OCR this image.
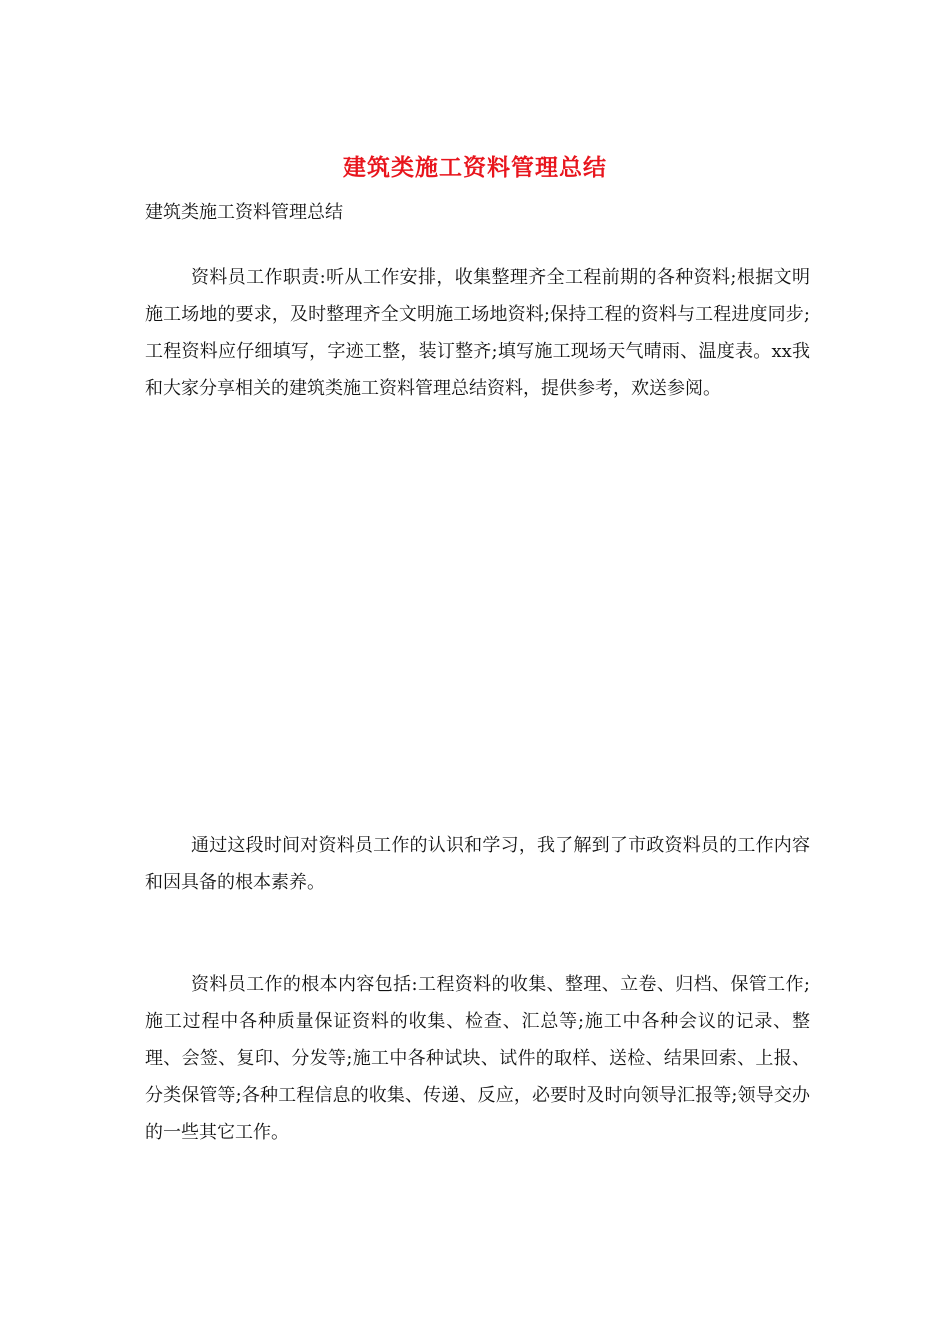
建筑类施工资料管理总结
建筑类施工资料管理总结

资料员工作职责:听从工作安排，收集整理齐全工程前期的各种资料;根据文明施工场地的要求，及时整理齐全文明施工场地资料;保持工程的资料与工程进度同步;工程资料应仔细填写，字迹工整，装订整齐;填写施工现场天气晴雨、温度表。xx我和大家分享相关的建筑类施工资料管理总结资料，提供参考，欢送参阅。

通过这段时间对资料员工作的认识和学习，我了解到了市政资料员的工作内容和因具备的根本素养。

资料员工作的根本内容包括:工程资料的收集、整理、立卷、归档、保管工作;施工过程中各种质量保证资料的收集、检查、汇总等;施工中各种会议的记录、整理、会签、复印、分发等;施工中各种试块、试件的取样、送检、结果回索、上报、分类保管等;各种工程信息的收集、传递、反应，必要时及时向领导汇报等;领导交办的一些其它工作。
